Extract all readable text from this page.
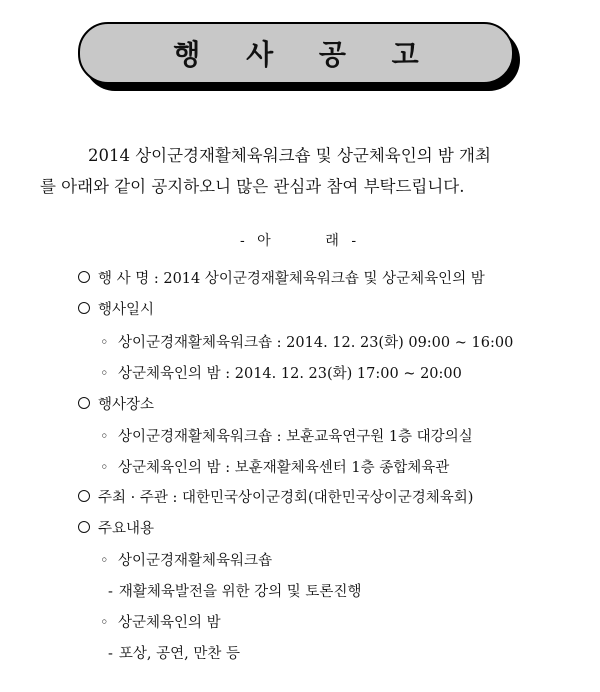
행 사 공 고
2014 상이군경재활체육워크숍 및 상군체육인의 밤 개최
를 아래와 같이 공지하오니 많은 관심과 참여 부탁드립니다.
- 아      래 -
행 사 명 : 2014 상이군경재활체육워크숍 및 상군체육인의 밤
행사일시
◦ 상이군경재활체육워크숍 : 2014. 12. 23(화) 09:00 ~ 16:00
◦ 상군체육인의 밤 : 2014. 12. 23(화) 17:00 ~ 20:00
행사장소
◦ 상이군경재활체육워크숍 : 보훈교육연구원 1층 대강의실
◦ 상군체육인의 밤 : 보훈재활체육센터 1층 종합체육관
주최 · 주관 : 대한민국상이군경회(대한민국상이군경체육회)
주요내용
◦ 상이군경재활체육워크숍
- 재활체육발전을 위한 강의 및 토론진행
◦ 상군체육인의 밤
- 포상, 공연, 만찬 등
